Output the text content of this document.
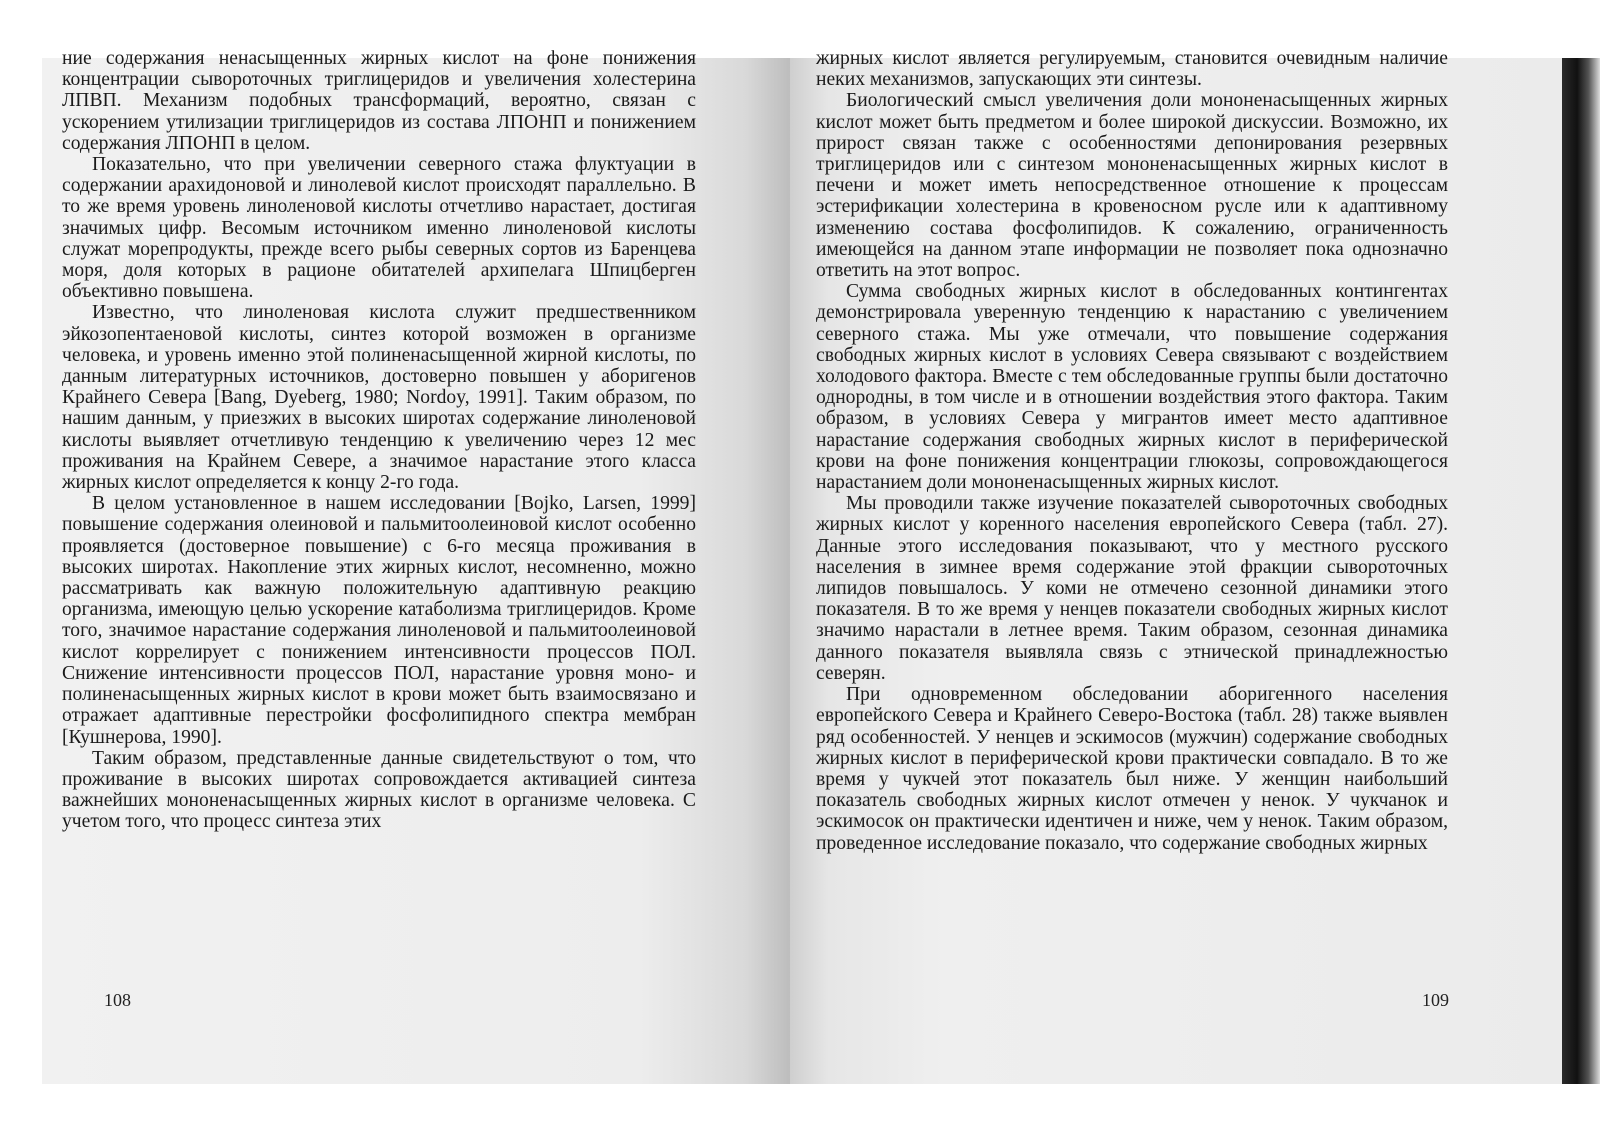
ние содержания ненасыщенных жирных кислот на фоне понижения концентрации сывороточных триглицеридов и увеличения холестерина ЛПВП. Механизм подобных трансформаций, вероятно, связан с ускорением утилизации триглицеридов из состава ЛПОНП и понижением содержания ЛПОНП в целом.

Показательно, что при увеличении северного стажа флуктуации в содержании арахидоновой и линолевой кислот происходят параллельно. В то же время уровень линоленовой кислоты отчетливо нарастает, достигая значимых цифр. Весомым источником именно линоленовой кислоты служат морепродукты, прежде всего рыбы северных сортов из Баренцева моря, доля которых в рационе обитателей архипелага Шпицберген объективно повышена.

Известно, что линоленовая кислота служит предшественником эйкозопентаеновой кислоты, синтез которой возможен в организме человека, и уровень именно этой полиненасыщенной жирной кислоты, по данным литературных источников, достоверно повышен у аборигенов Крайнего Севера [Bang, Dyeberg, 1980; Nordoy, 1991]. Таким образом, по нашим данным, у приезжих в высоких широтах содержание линоленовой кислоты выявляет отчетливую тенденцию к увеличению через 12 мес проживания на Крайнем Севере, а значимое нарастание этого класса жирных кислот определяется к концу 2-го года.

В целом установленное в нашем исследовании [Bojko, Larsen, 1999] повышение содержания олеиновой и пальмитоолеиновой кислот особенно проявляется (достоверное повышение) с 6-го месяца проживания в высоких широтах. Накопление этих жирных кислот, несомненно, можно рассматривать как важную положительную адаптивную реакцию организма, имеющую целью ускорение катаболизма триглицеридов. Кроме того, значимое нарастание содержания линоленовой и пальмитоолеиновой кислот коррелирует с понижением интенсивности процессов ПОЛ. Снижение интенсивности процессов ПОЛ, нарастание уровня моно- и полиненасыщенных жирных кислот в крови может быть взаимосвязано и отражает адаптивные перестройки фосфолипидного спектра мембран [Кушнерова, 1990].

Таким образом, представленные данные свидетельствуют о том, что проживание в высоких широтах сопровождается активацией синтеза важнейших мононенасыщенных жирных кислот в организме человека. С учетом того, что процесс синтеза этих

жирных кислот является регулируемым, становится очевидным наличие неких механизмов, запускающих эти синтезы.

Биологический смысл увеличения доли мононенасыщенных жирных кислот может быть предметом и более широкой дискуссии. Возможно, их прирост связан также с особенностями депонирования резервных триглицеридов или с синтезом мононенасыщенных жирных кислот в печени и может иметь непосредственное отношение к процессам эстерификации холестерина в кровеносном русле или к адаптивному изменению состава фосфолипидов. К сожалению, ограниченность имеющейся на данном этапе информации не позволяет пока однозначно ответить на этот вопрос.

Сумма свободных жирных кислот в обследованных контингентах демонстрировала уверенную тенденцию к нарастанию с увеличением северного стажа. Мы уже отмечали, что повышение содержания свободных жирных кислот в условиях Севера связывают с воздействием холодового фактора. Вместе с тем обследованные группы были достаточно однородны, в том числе и в отношении воздействия этого фактора. Таким образом, в условиях Севера у мигрантов имеет место адаптивное нарастание содержания свободных жирных кислот в периферической крови на фоне понижения концентрации глюкозы, сопровождающегося нарастанием доли мононенасыщенных жирных кислот.

Мы проводили также изучение показателей сывороточных свободных жирных кислот у коренного населения европейского Севера (табл. 27). Данные этого исследования показывают, что у местного русского населения в зимнее время содержание этой фракции сывороточных липидов повышалось. У коми не отмечено сезонной динамики этого показателя. В то же время у ненцев показатели свободных жирных кислот значимо нарастали в летнее время. Таким образом, сезонная динамика данного показателя выявляла связь с этнической принадлежностью северян.

При одновременном обследовании аборигенного населения европейского Севера и Крайнего Северо-Востока (табл. 28) также выявлен ряд особенностей. У ненцев и эскимосов (мужчин) содержание свободных жирных кислот в периферической крови практически совпадало. В то же время у чукчей этот показатель был ниже. У женщин наибольший показатель свободных жирных кислот отмечен у ненок. У чукчанок и эскимосок он практически идентичен и ниже, чем у ненок. Таким образом, проведенное исследование показало, что содержание свободных жирных

108	109
